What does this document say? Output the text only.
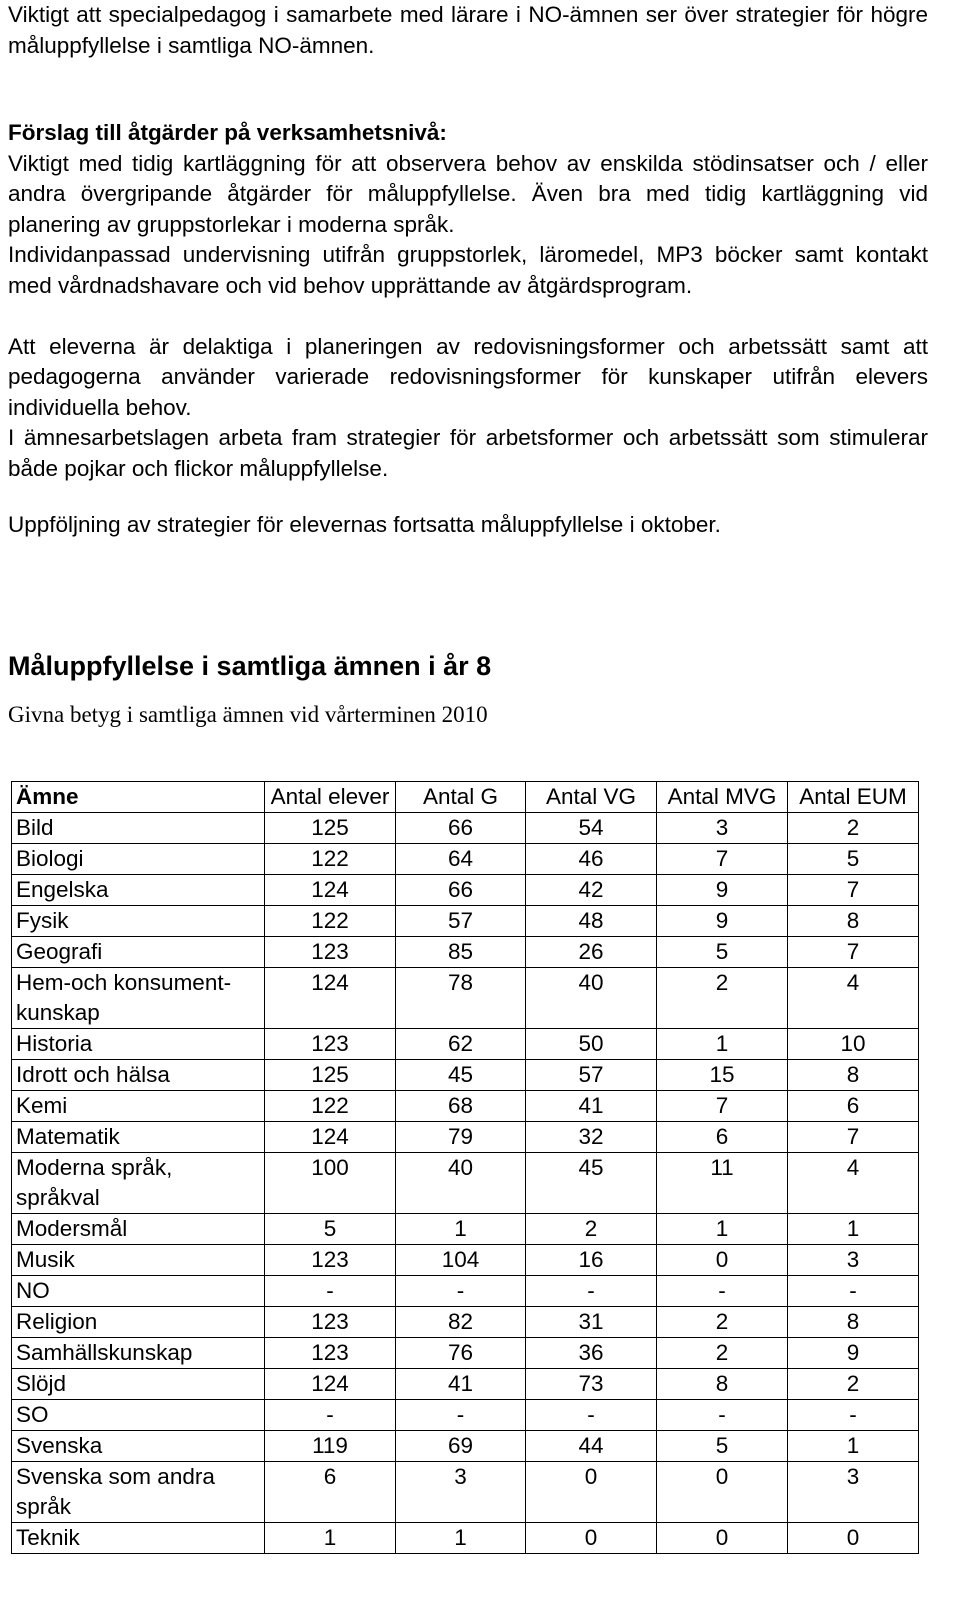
Viktigt att specialpedagog i samarbete med lärare i NO-ämnen ser över strategier för högre måluppfyllelse i samtliga NO-ämnen.
Förslag till åtgärder på verksamhetsnivå:
Viktigt med tidig kartläggning för att observera behov av enskilda stödinsatser och / eller andra övergripande åtgärder för måluppfyllelse. Även bra med tidig kartläggning vid planering av gruppstorlekar i moderna språk.
Individanpassad undervisning utifrån gruppstorlek, läromedel, MP3 böcker samt kontakt med vårdnadshavare och vid behov upprättande av åtgärdsprogram.
Att eleverna är delaktiga i planeringen av redovisningsformer och arbetssätt samt att pedagogerna använder varierade redovisningsformer för kunskaper utifrån elevers individuella behov.
I ämnesarbetslagen arbeta fram strategier för arbetsformer och arbetssätt som stimulerar både pojkar och flickor måluppfyllelse.
Uppföljning av strategier för elevernas fortsatta måluppfyllelse i oktober.
Måluppfyllelse i samtliga ämnen i år 8
Givna betyg i samtliga ämnen vid vårterminen 2010
Ämne	Antal elever	Antal G	Antal VG	Antal MVG	Antal EUM
Bild	125	66	54	3	2
Biologi	122	64	46	7	5
Engelska	124	66	42	9	7
Fysik	122	57	48	9	8
Geografi	123	85	26	5	7
Hem-och konsument-kunskap	124	78	40	2	4
Historia	123	62	50	1	10
Idrott och hälsa	125	45	57	15	8
Kemi	122	68	41	7	6
Matematik	124	79	32	6	7
Moderna språk, språkval	100	40	45	11	4
Modersmål	5	1	2	1	1
Musik	123	104	16	0	3
NO	-	-	-	-	-
Religion	123	82	31	2	8
Samhällskunskap	123	76	36	2	9
Slöjd	124	41	73	8	2
SO	-	-	-	-	-
Svenska	119	69	44	5	1
Svenska som andra språk	6	3	0	0	3
Teknik	1	1	0	0	0
